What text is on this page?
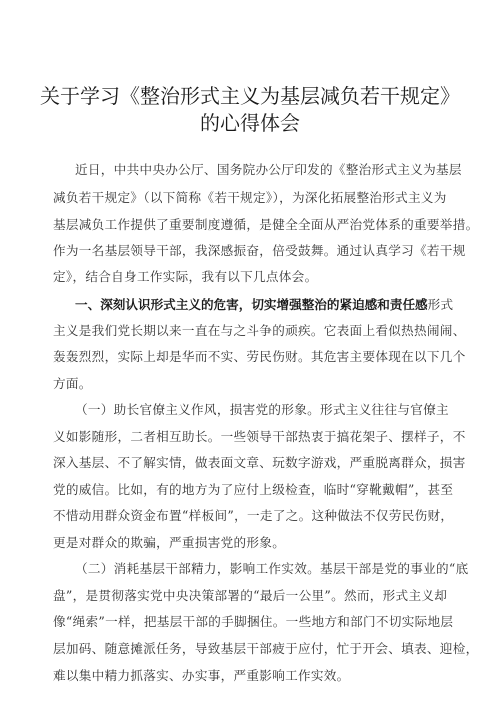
关于学习《整治形式主义为基层减负若干规定》
的心得体会
近日，中共中央办公厅、国务院办公厅印发的《整治形式主义为基层
减负若干规定》（以下简称《若干规定》），为深化拓展整治形式主义为
基层减负工作提供了重要制度遵循，是健全全面从严治党体系的重要举措。
作为一名基层领导干部，我深感振奋，倍受鼓舞。通过认真学习《若干规
定》，结合自身工作实际，我有以下几点体会。
一、深刻认识形式主义的危害，切实增强整治的紧迫感和责任感形式
主义是我们党长期以来一直在与之斗争的顽疾。它表面上看似热热闹闹、
轰轰烈烈，实际上却是华而不实、劳民伤财。其危害主要体现在以下几个
方面。
（一）助长官僚主义作风，损害党的形象。形式主义往往与官僚主
义如影随形，二者相互助长。一些领导干部热衷于搞花架子、摆样子，不
深入基层、不了解实情，做表面文章、玩数字游戏，严重脱离群众，损害
党的威信。比如，有的地方为了应付上级检查，临时“穿靴戴帽”，甚至
不惜动用群众资金布置“样板间”，一走了之。这种做法不仅劳民伤财，
更是对群众的欺骗，严重损害党的形象。
（二）消耗基层干部精力，影响工作实效。基层干部是党的事业的“底
盘”，是贯彻落实党中央决策部署的“最后一公里”。然而，形式主义却
像“绳索”一样，把基层干部的手脚捆住。一些地方和部门不切实际地层
层加码、随意摊派任务，导致基层干部疲于应付，忙于开会、填表、迎检，
难以集中精力抓落实、办实事，严重影响工作实效。
